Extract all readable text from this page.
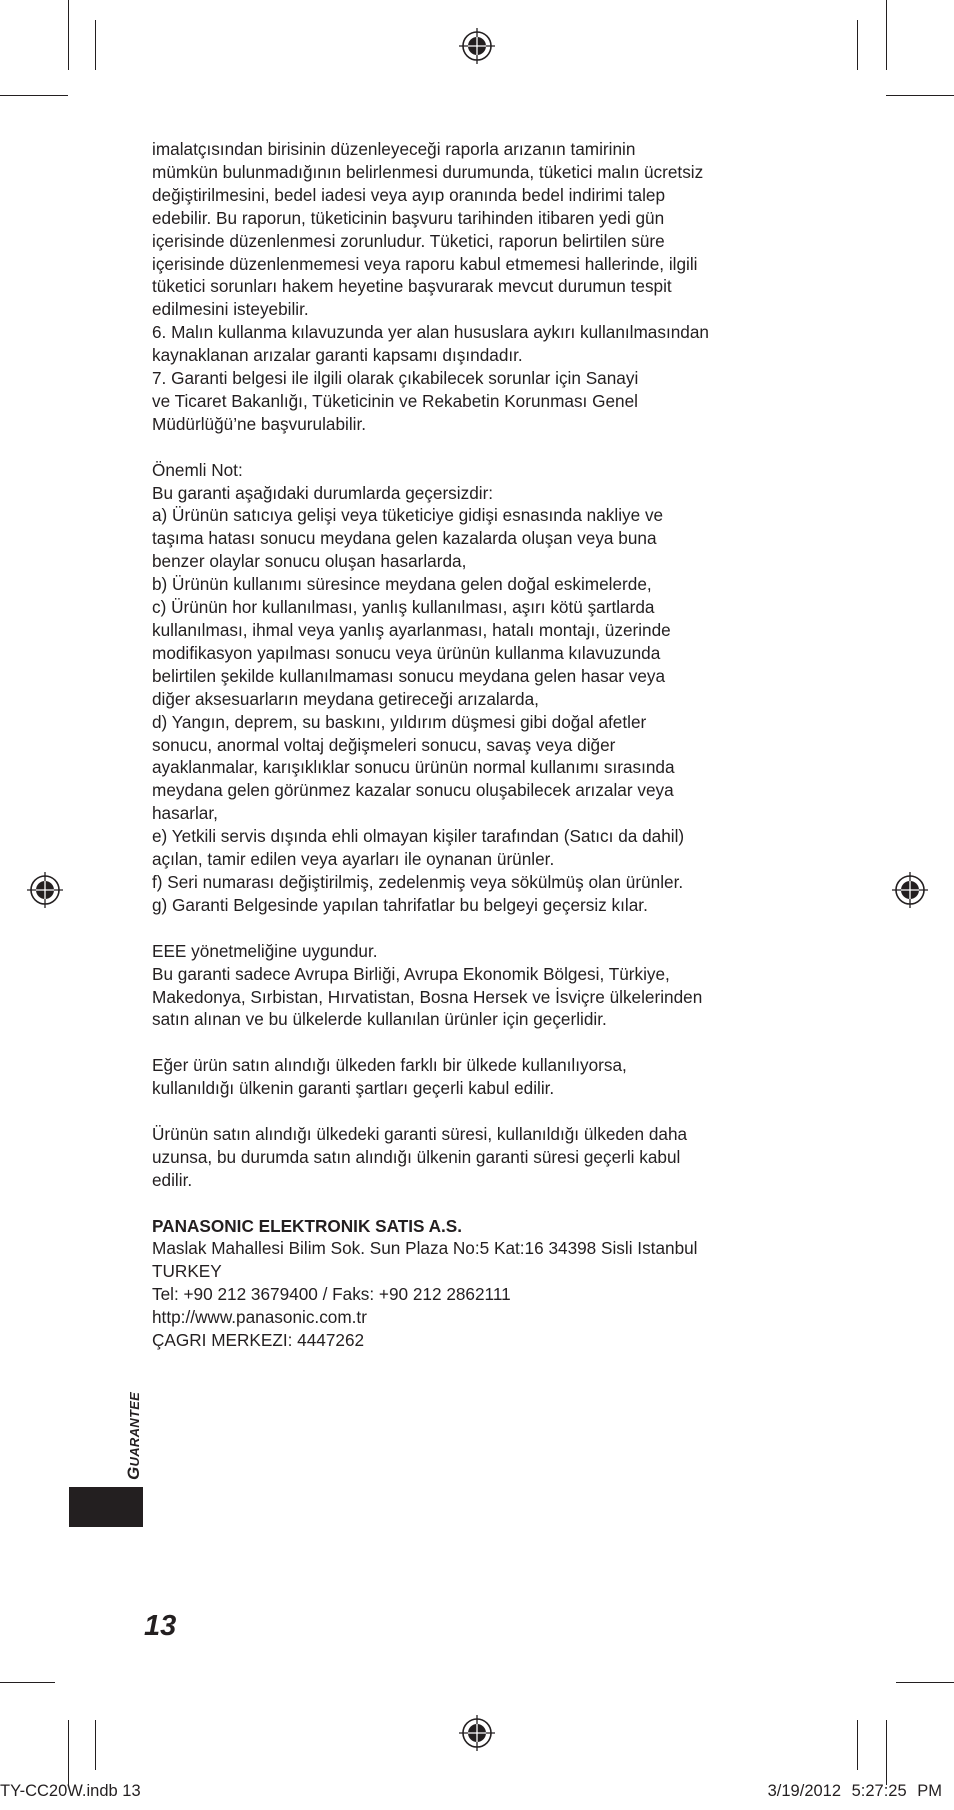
imalatçısından birisinin düzenleyeceği raporla arızanın tamirinin

mümkün bulunmadığının belirlenmesi durumunda, tüketici malın ücretsiz

değiştirilmesini, bedel iadesi veya ayıp oranında bedel indirimi talep

edebilir. Bu raporun, tüketicinin başvuru tarihinden itibaren yedi gün

içerisinde düzenlenmesi zorunludur. Tüketici, raporun belirtilen süre

içerisinde düzenlenmemesi veya raporu kabul etmemesi hallerinde, ilgili

tüketici sorunları hakem heyetine başvurarak mevcut durumun tespit

edilmesini isteyebilir.

6. Malın kullanma kılavuzunda yer alan hususlara aykırı kullanılmasından

kaynaklanan arızalar garanti kapsamı dışındadır.

7. Garanti belgesi ile ilgili olarak çıkabilecek sorunlar için Sanayi

ve Ticaret Bakanlığı, Tüketicinin ve Rekabetin Korunması Genel

Müdürlüğü’ne başvurulabilir.

Önemli Not:

Bu garanti aşağıdaki durumlarda geçersizdir:

a) Ürünün satıcıya gelişi veya tüketiciye gidişi esnasında nakliye ve

taşıma hatası sonucu meydana gelen kazalarda oluşan veya buna

benzer olaylar sonucu oluşan hasarlarda,

b) Ürünün kullanımı süresince meydana gelen doğal eskimelerde,

c) Ürünün hor kullanılması, yanlış kullanılması, aşırı kötü şartlarda

kullanılması, ihmal veya yanlış ayarlanması, hatalı montajı, üzerinde

modifikasyon yapılması sonucu veya ürünün kullanma kılavuzunda

belirtilen şekilde kullanılmaması sonucu meydana gelen hasar veya

diğer aksesuarların meydana getireceği arızalarda,

d) Yangın, deprem, su baskını, yıldırım düşmesi gibi doğal afetler

sonucu, anormal voltaj değişmeleri sonucu, savaş veya diğer

ayaklanmalar, karışıklıklar sonucu ürünün normal kullanımı sırasında

meydana gelen görünmez kazalar sonucu oluşabilecek arızalar veya

hasarlar,

e) Yetkili servis dışında ehli olmayan kişiler tarafından (Satıcı da dahil)

açılan, tamir edilen veya ayarları ile oynanan ürünler.

f) Seri numarası değiştirilmiş, zedelenmiş veya sökülmüş olan ürünler.

g) Garanti Belgesinde yapılan tahrifatlar bu belgeyi geçersiz kılar.

EEE yönetmeliğine uygundur.

Bu garanti sadece Avrupa Birliği, Avrupa Ekonomik Bölgesi, Türkiye,

Makedonya, Sırbistan, Hırvatistan, Bosna Hersek ve İsviçre ülkelerinden

satın alınan ve bu ülkelerde kullanılan ürünler için geçerlidir.

Eğer ürün satın alındığı ülkeden farklı bir ülkede kullanılıyorsa,

kullanıldığı ülkenin garanti şartları geçerli kabul edilir.

Ürünün satın alındığı ülkedeki garanti süresi, kullanıldığı ülkeden daha

uzunsa, bu durumda satın alındığı ülkenin garanti süresi geçerli kabul

edilir.

PANASONIC ELEKTRONIK SATIS A.S.

Maslak Mahallesi Bilim Sok. Sun Plaza No:5 Kat:16 34398 Sisli Istanbul

TURKEY

Tel: +90 212 3679400 / Faks: +90 212 2862111

http://www.panasonic.com.tr

ÇAGRI MERKEZI: 4447262

GUARANTEE
13
TY-CC20W.indb 13	3/19/2012 5:27:25 PM
